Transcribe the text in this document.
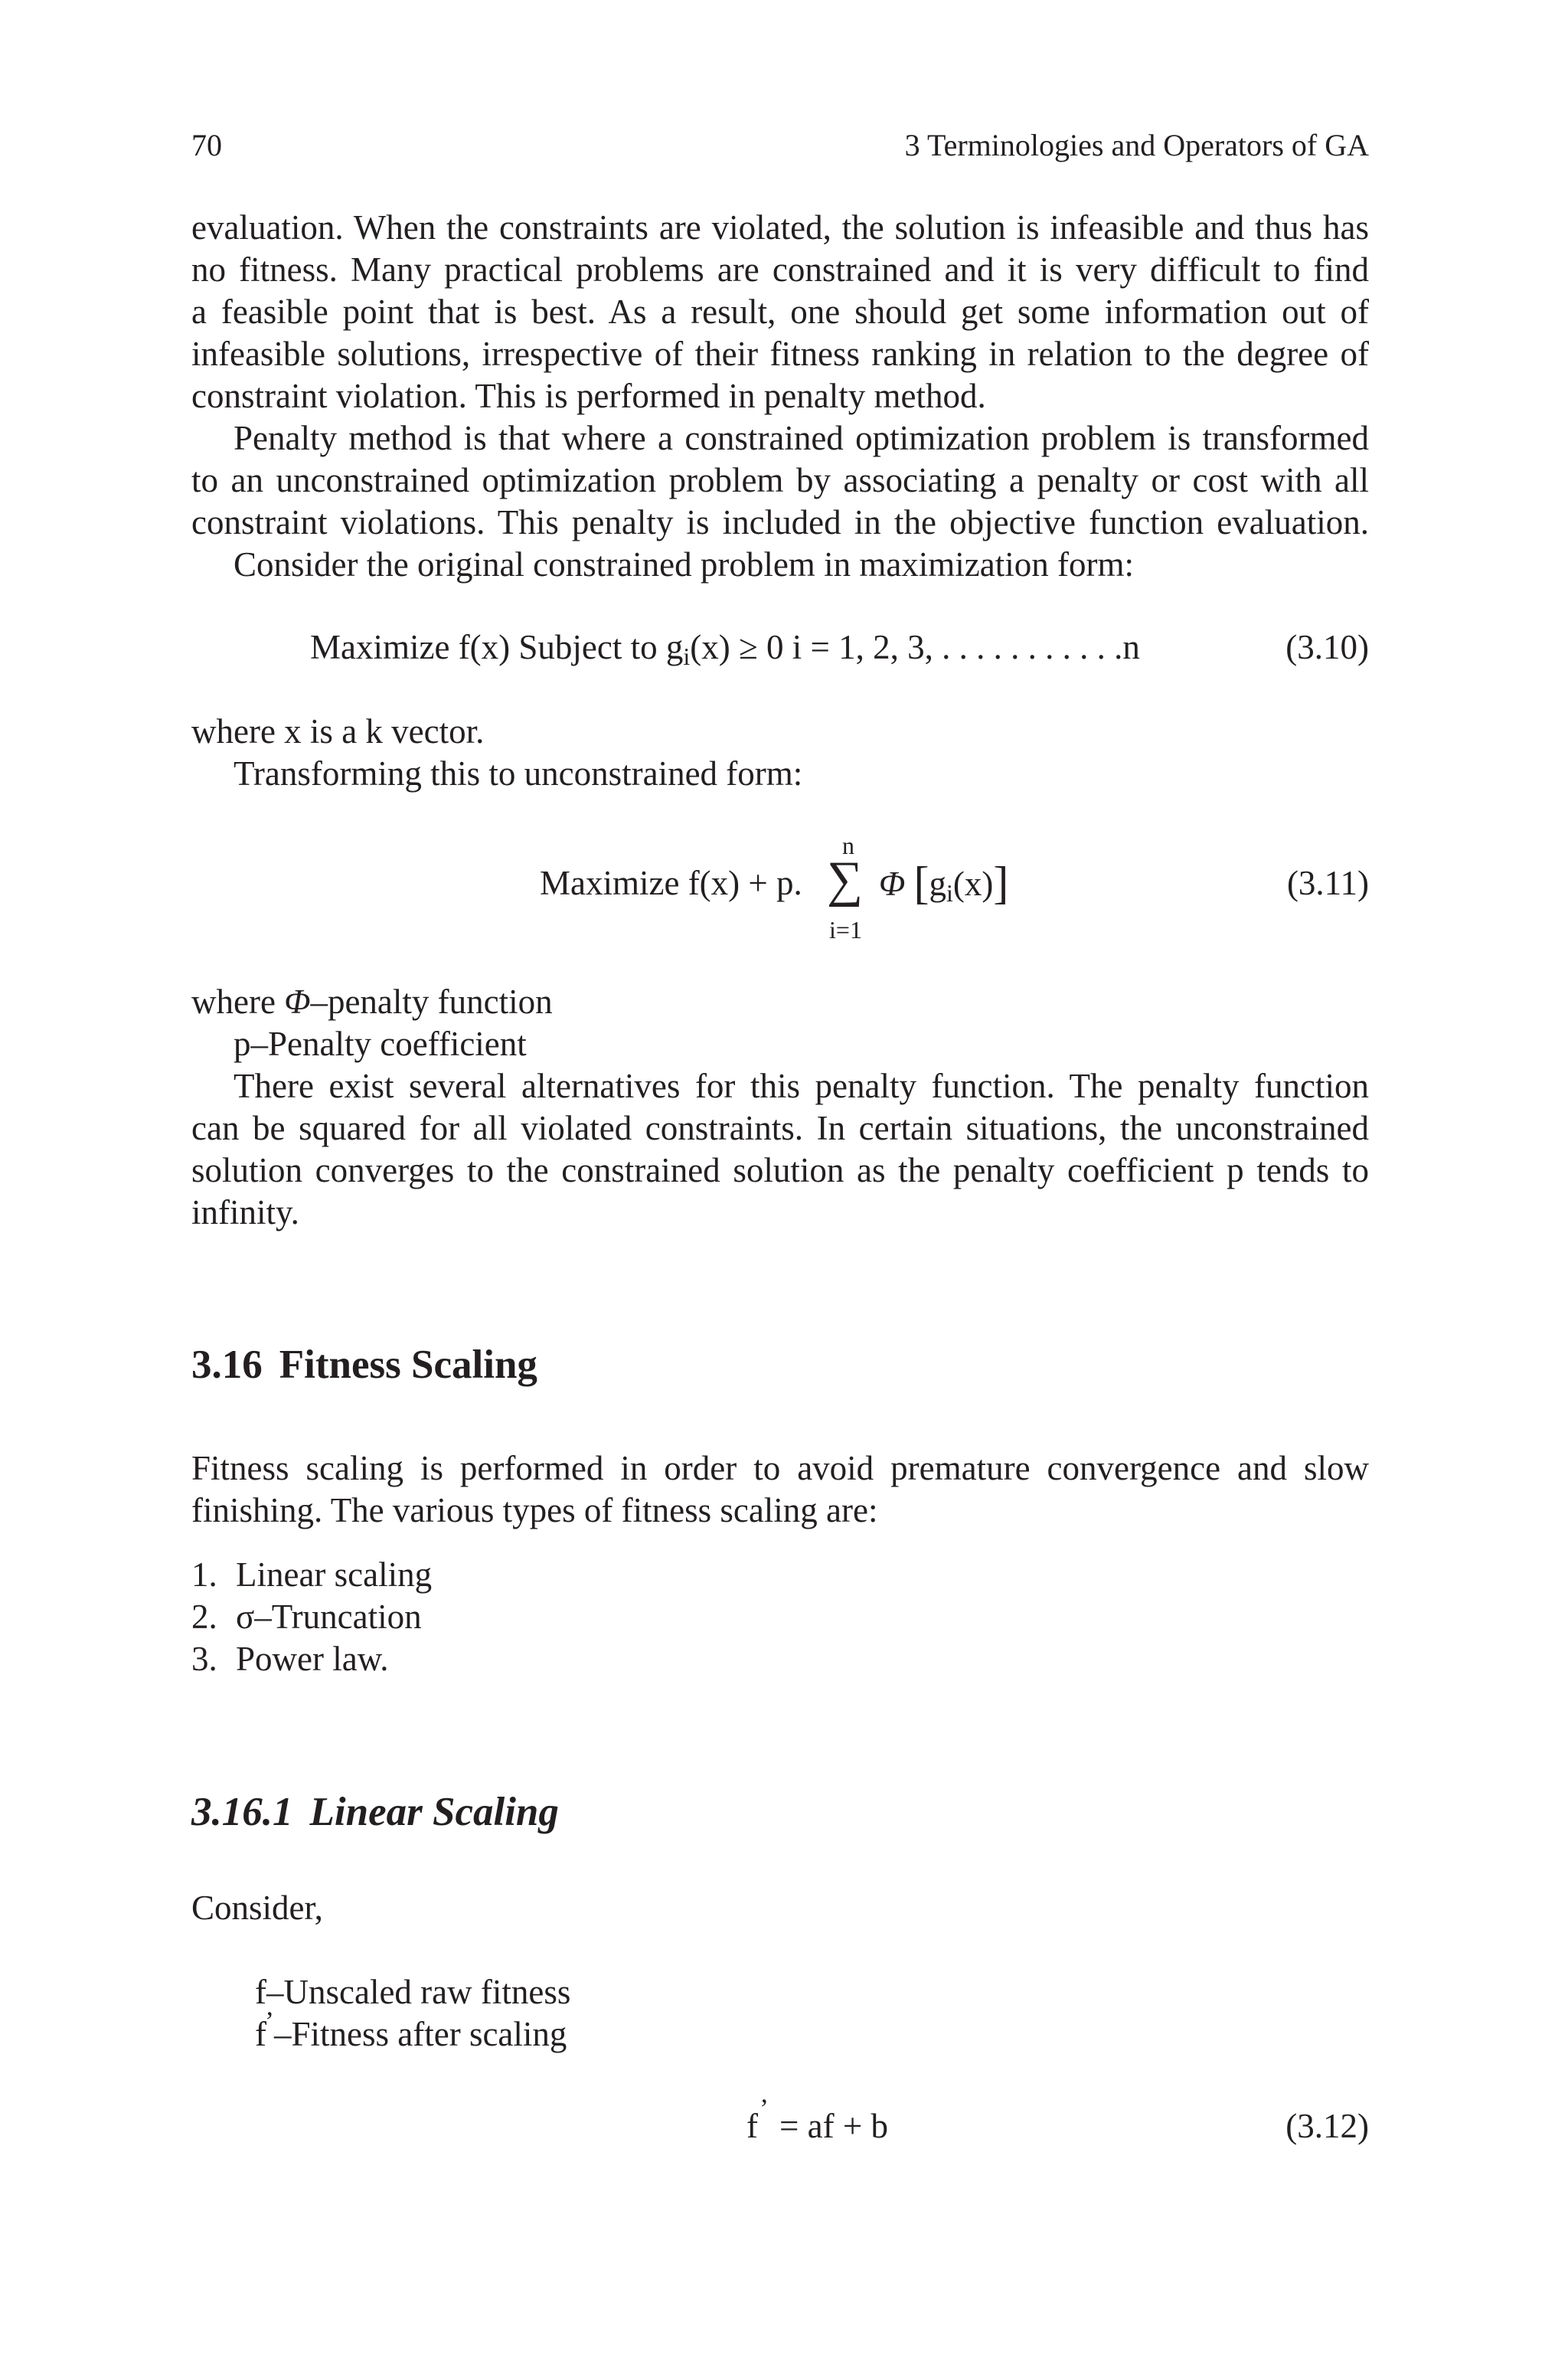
70	3 Terminologies and Operators of GA
evaluation. When the constraints are violated, the solution is infeasible and thus has
no fitness. Many practical problems are constrained and it is very difficult to find
a feasible point that is best. As a result, one should get some information out of
infeasible solutions, irrespective of their fitness ranking in relation to the degree of
constraint violation. This is performed in penalty method.
Penalty method is that where a constrained optimization problem is transformed
to an unconstrained optimization problem by associating a penalty or cost with all
constraint violations. This penalty is included in the objective function evaluation.
Consider the original constrained problem in maximization form:
Maximize f(x) Subject to $g_i(x) \ge 0$ i = 1, 2, 3, . . . . . . . . . . .n	(3.10)
where x is a k vector.
Transforming this to unconstrained form:
Maximize f(x) + p.
n
∑
i=1
Φ $[g_i(x)]$	(3.11)
where Φ–penalty function
p–Penalty coefficient
There exist several alternatives for this penalty function. The penalty function
can be squared for all violated constraints. In certain situations, the unconstrained
solution converges to the constrained solution as the penalty coefficient p tends to
infinity.
3.16 Fitness Scaling
Fitness scaling is performed in order to avoid premature convergence and slow
finishing. The various types of fitness scaling are:
1. Linear scaling
2. σ–Truncation
3. Power law.
3.16.1 Linear Scaling
Consider,
f–Unscaled raw fitness
f’–Fitness after scaling
f’ = af + b	(3.12)
